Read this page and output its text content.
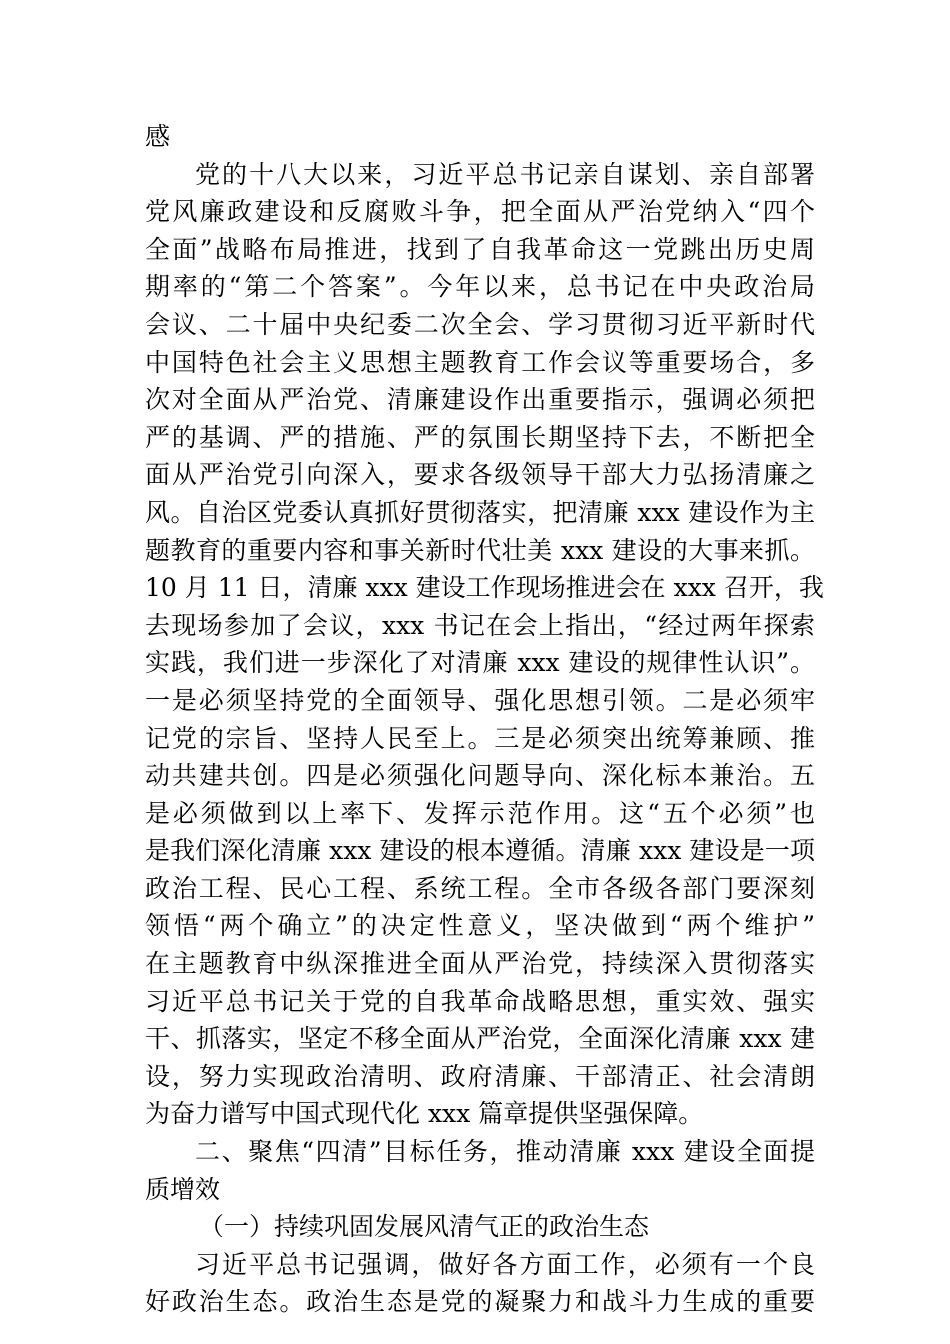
感
党的十八大以来，习近平总书记亲自谋划、亲自部署
党风廉政建设和反腐败斗争，把全面从严治党纳入“四个
全面”战略布局推进，找到了自我革命这一党跳出历史周
期率的“第二个答案”。今年以来，总书记在中央政治局
会议、二十届中央纪委二次全会、学习贯彻习近平新时代
中国特色社会主义思想主题教育工作会议等重要场合，多
次对全面从严治党、清廉建设作出重要指示，强调必须把
严的基调、严的措施、严的氛围长期坚持下去，不断把全
面从严治党引向深入，要求各级领导干部大力弘扬清廉之
风。自治区党委认真抓好贯彻落实，把清廉 xxx 建设作为主
题教育的重要内容和事关新时代壮美 xxx 建设的大事来抓。
10 月 11 日，清廉 xxx 建设工作现场推进会在 xxx 召开，我
去现场参加了会议，xxx 书记在会上指出，“经过两年探索
实践，我们进一步深化了对清廉 xxx 建设的规律性认识”。
一是必须坚持党的全面领导、强化思想引领。二是必须牢
记党的宗旨、坚持人民至上。三是必须突出统筹兼顾、推
动共建共创。四是必须强化问题导向、深化标本兼治。五
是必须做到以上率下、发挥示范作用。这“五个必须”也
是我们深化清廉 xxx 建设的根本遵循。清廉 xxx 建设是一项
政治工程、民心工程、系统工程。全市各级各部门要深刻
领悟“两个确立”的决定性意义，坚决做到“两个维护”
在主题教育中纵深推进全面从严治党，持续深入贯彻落实
习近平总书记关于党的自我革命战略思想，重实效、强实
干、抓落实，坚定不移全面从严治党，全面深化清廉 xxx 建
设，努力实现政治清明、政府清廉、干部清正、社会清朗
为奋力谱写中国式现代化 xxx 篇章提供坚强保障。
二、聚焦“四清”目标任务，推动清廉 xxx 建设全面提
质增效
（一）持续巩固发展风清气正的政治生态
习近平总书记强调，做好各方面工作，必须有一个良
好政治生态。政治生态是党的凝聚力和战斗力生成的重要
